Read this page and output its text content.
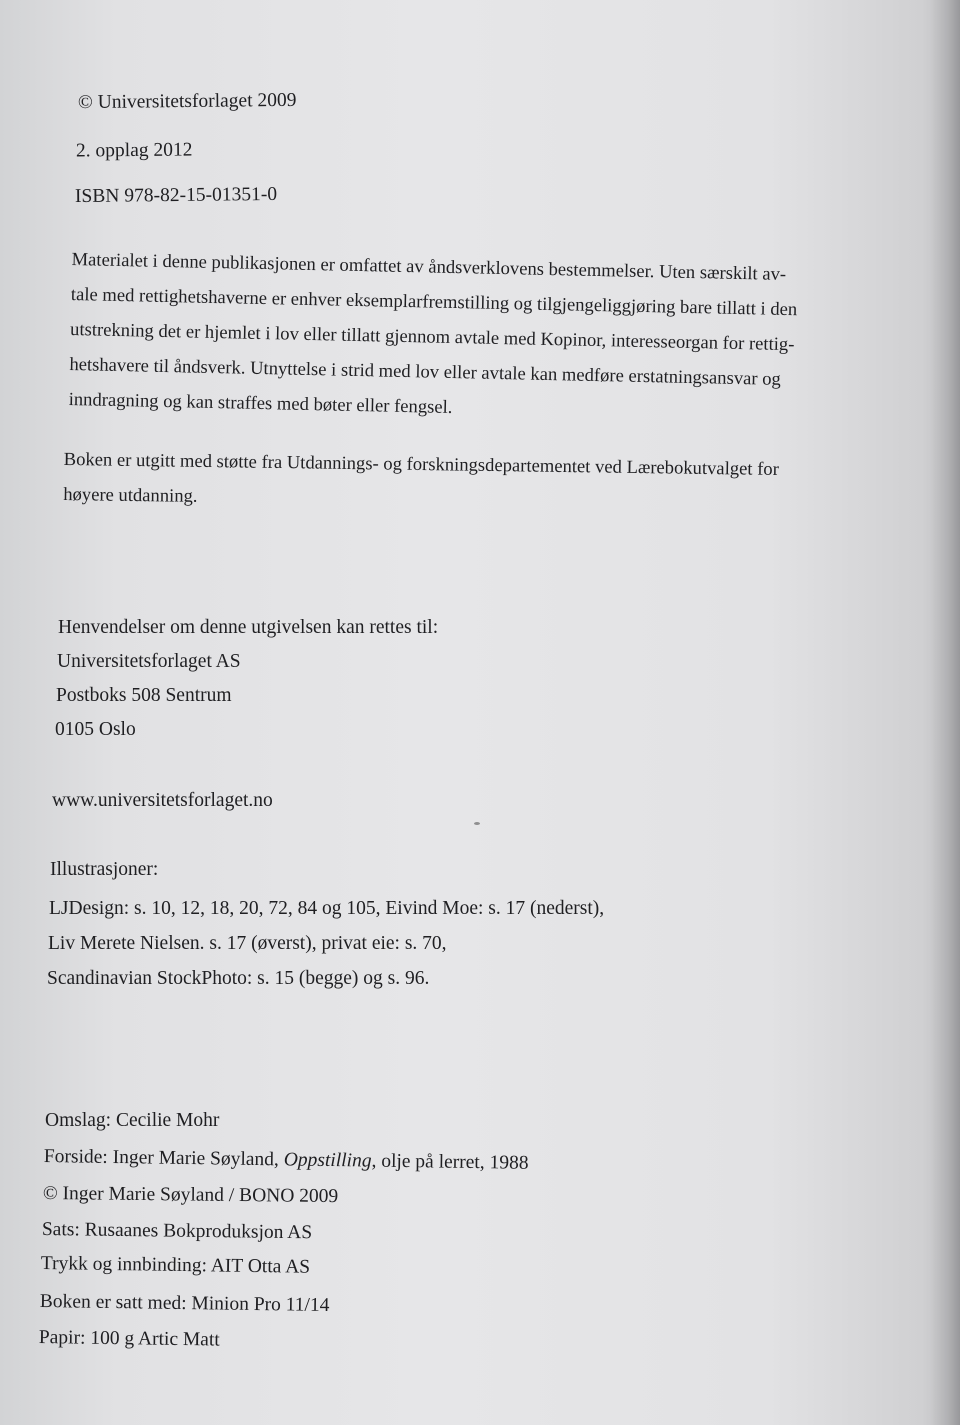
© Universitetsforlaget 2009
2. opplag 2012
ISBN 978-82-15-01351-0
Materialet i denne publikasjonen er omfattet av åndsverklovens bestemmelser. Uten særskilt av-
tale med rettighetshaverne er enhver eksemplarfremstilling og tilgjengeliggjøring bare tillatt i den
utstrekning det er hjemlet i lov eller tillatt gjennom avtale med Kopinor, interesseorgan for rettig-
hetshavere til åndsverk. Utnyttelse i strid med lov eller avtale kan medføre erstatningsansvar og
inndragning og kan straffes med bøter eller fengsel.
Boken er utgitt med støtte fra Utdannings- og forskningsdepartementet ved Lærebokutvalget for
høyere utdanning.
Henvendelser om denne utgivelsen kan rettes til:
Universitetsforlaget AS
Postboks 508 Sentrum
0105 Oslo
www.universitetsforlaget.no
Illustrasjoner:
LJDesign: s. 10, 12, 18, 20, 72, 84 og 105, Eivind Moe: s. 17 (nederst),
Liv Merete Nielsen. s. 17 (øverst), privat eie: s. 70,
Scandinavian StockPhoto: s. 15 (begge) og s. 96.
Omslag: Cecilie Mohr
Forside: Inger Marie Søyland, Oppstilling, olje på lerret, 1988
© Inger Marie Søyland / BONO 2009
Sats: Rusaanes Bokproduksjon AS
Trykk og innbinding: AIT Otta AS
Boken er satt med: Minion Pro 11/14
Papir: 100 g Artic Matt
